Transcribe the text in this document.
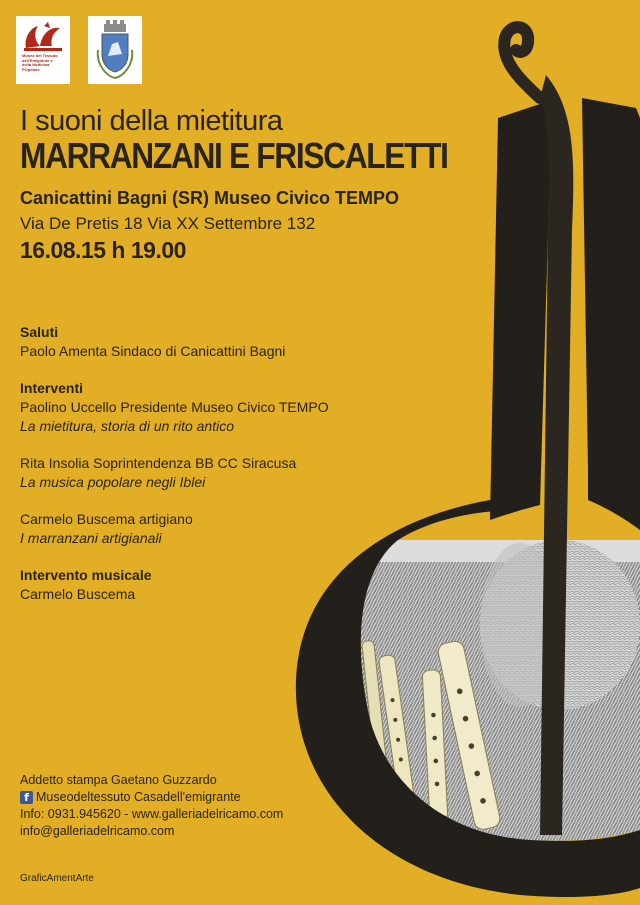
Museo del Tessuto
dell'Emigrante e
della Medicina POpolare
I suoni della mietitura
MARRANZANI E FRISCALETTI
Canicattini Bagni (SR) Museo Civico TEMPO
Via De Pretis 18 Via XX Settembre 132
16.08.15 h 19.00
Saluti
Paolo Amenta Sindaco di Canicattini Bagni
Interventi
Paolino Uccello Presidente Museo Civico TEMPO
La mietitura, storia di un rito antico
Rita Insolia Soprintendenza BB CC Siracusa
La musica popolare negli Iblei
Carmelo Buscema artigiano
I marranzani artigianali
Intervento musicale
Carmelo Buscema
Addetto stampa Gaetano Guzzardo
f Museodeltessuto Casadell'emigrante
Info: 0931.945620 - www.galleriadelricamo.com
info@galleriadelricamo.com
GraficAmentArte
